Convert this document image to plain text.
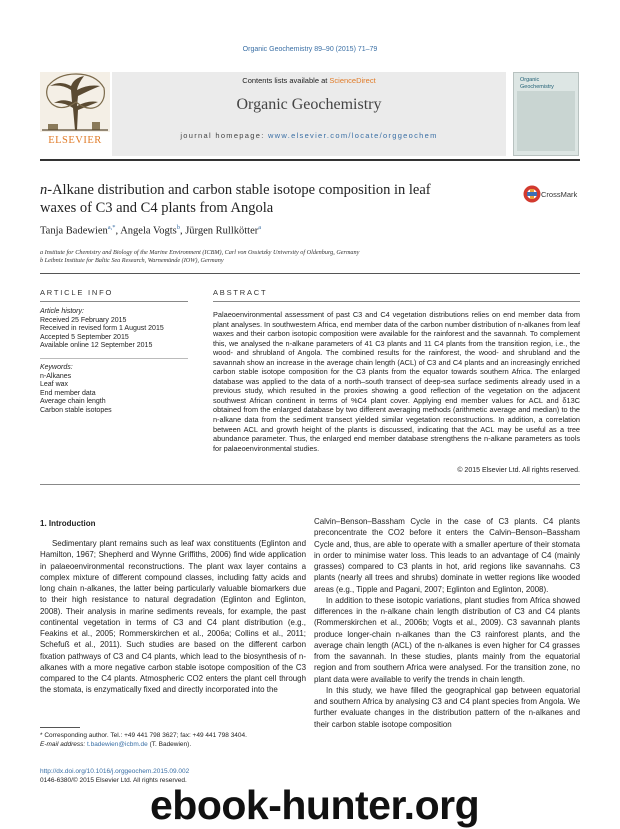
Organic Geochemistry 89–90 (2015) 71–79
Contents lists available at ScienceDirect
Organic Geochemistry
journal homepage: www.elsevier.com/locate/orggeochem
ELSEVIER
Organic Geochemistry
n-Alkane distribution and carbon stable isotope composition in leaf
waxes of C3 and C4 plants from Angola
CrossMark
Tanja Badewien$^{a,*}$, Angela Vogts$^b$, Jürgen Rullkötter$^a$
a Institute for Chemistry and Biology of the Marine Environment (ICBM), Carl von Ossietzky University of Oldenburg, Germany
b Leibniz Institute for Baltic Sea Research, Warnemünde (IOW), Germany
ARTICLE INFO	ABSTRACT
Article history:
Received 25 February 2015
Received in revised form 1 August 2015
Accepted 5 September 2015
Available online 12 September 2015
Keywords:
n-Alkanes
Leaf wax
End member data
Average chain length
Carbon stable isotopes
Palaeoenvironmental assessment of past C3 and C4 vegetation distributions relies on end member data from plant analyses. In southwestern Africa, end member data of the carbon number distribution of n-alkanes from leaf waxes and their carbon isotopic composition were available for the rainforest and the savannah. To complement this, we analysed the n-alkane parameters of 41 C3 plants and 11 C4 plants from the transition region, i.e., the wood- and shrubland of Angola. The combined results for the rainforest, the wood- and shrubland and the savannah show an increase in the average chain length (ACL) of C3 and C4 plants and an increasingly enriched carbon stable isotope composition for the C3 plants from the equator towards southern Africa. The enlarged database was applied to the data of a north–south transect of deep-sea surface sediments already used in a previous study, which resulted in the proxies showing a good reflection of the vegetation on the adjacent southwest African continent in terms of %C4 plant cover. Applying end member values for ACL and δ13C obtained from the enlarged database by two different averaging methods (arithmetic average and median) to the n-alkane data from the sediment transect yielded similar vegetation reconstructions. In addition, a correlation between ACL and growth height of the plants is discussed, indicating that the ACL may be useful as a tree abundance parameter. Thus, the enlarged end member database strengthens the n-alkane parameters as tools for palaeoenvironmental studies.
© 2015 Elsevier Ltd. All rights reserved.
1. Introduction

Sedimentary plant remains such as leaf wax constituents (Eglinton and Hamilton, 1967; Shepherd and Wynne Griffiths, 2006) find wide application in palaeoenvironmental reconstructions. The plant wax layer contains a complex mixture of different compound classes, including fatty acids and long chain n-alkanes, the latter being particularly valuable biomarkers due to their high resistance to natural degradation (Eglinton and Eglinton, 2008). Their analysis in marine sediments reveals, for example, the past continental vegetation in terms of C3 and C4 plant distribution (e.g., Feakins et al., 2005; Rommerskirchen et al., 2006a; Collins et al., 2011; Schefuß et al., 2011). Such studies are based on the different carbon fixation pathways of C3 and C4 plants, which lead to the biosynthesis of n-alkanes with a more negative carbon stable isotope composition of the C3 compared to the C4 plants. Atmospheric CO2 enters the plant cell through the stomata, is enzymatically fixed and directly incorporated into the

Calvin–Benson–Bassham Cycle in the case of C3 plants. C4 plants preconcentrate the CO2 before it enters the Calvin–Benson–Bassham Cycle and, thus, are able to operate with a smaller aperture of their stomata in order to minimise water loss. This leads to an advantage of C4 (mainly grasses) compared to C3 plants in hot, arid regions like savannahs. C3 plants (nearly all trees and shrubs) dominate in wetter regions like wooded areas (e.g., Tipple and Pagani, 2007; Eglinton and Eglinton, 2008).

In addition to these isotopic variations, plant studies from Africa showed differences in the n-alkane chain length distribution of C3 and C4 plants (Rommerskirchen et al., 2006b; Vogts et al., 2009). C3 savannah plants produce longer-chain n-alkanes than the C3 rainforest plants, and the average chain length (ACL) of the n-alkanes is even higher for C4 grasses from the savannah. In these studies, plants mainly from the equatorial region and from southern Africa were analysed. For the transition zone, no plant data were available to verify the trends in chain length.

In this study, we have filled the geographical gap between equatorial and southern Africa by analysing C3 and C4 plant species from Angola. We further evaluate changes in the distribution pattern of the n-alkanes and their carbon stable isotope composition

* Corresponding author. Tel.: +49 441 798 3627; fax: +49 441 798 3404.
E-mail address: t.badewien@icbm.de (T. Badewien).
http://dx.doi.org/10.1016/j.orggeochem.2015.09.002
0146-6380/© 2015 Elsevier Ltd. All rights reserved.
ebook-hunter.org
